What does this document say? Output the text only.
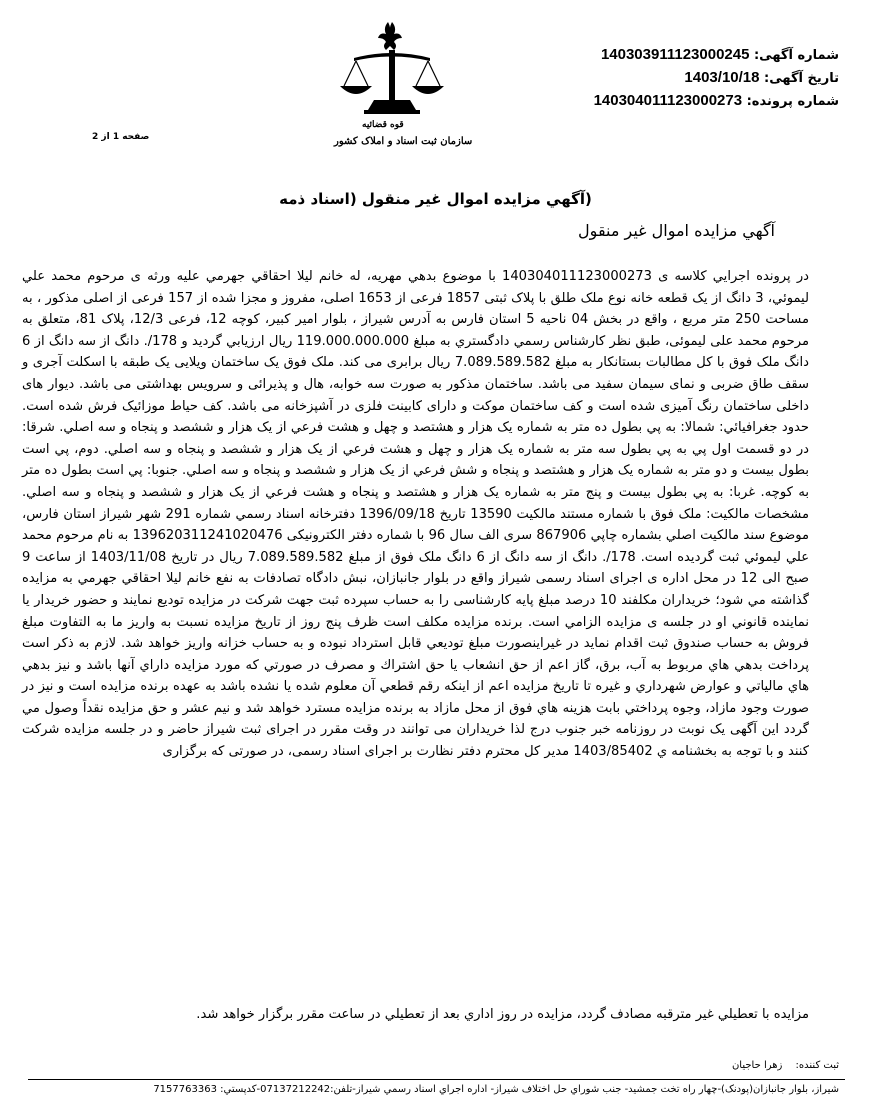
شماره آگهی: 140303911123000245
تاریخ آگهی: 1403/10/18
شماره پرونده: 140304011123000273
قوه قضائیه
سازمان ثبت اسناد و املاک کشور
صفحه 1 از 2
(آگهي مزايده اموال غير منقول (اسناد ذمه
آگهي مزايده اموال غير منقول
در پرونده اجرايي كلاسه ی 140304011123000273 با موضوع بدهي مهريه، له خانم ليلا احقاقي جهرمي عليه ورثه ی مرحوم محمد علي ليموئي، 3 دانگ از یک قطعه خانه نوع ملک طلق با پلاک ثبتی 1857 فرعی از 1653 اصلی، مفروز و مجزا شده از 157 فرعی از اصلی مذکور ، به مساحت 250 متر مربع ، واقع در بخش 04 ناحیه 5 استان فارس به آدرس شیراز ، بلوار امیر کبیر، کوچه 12، فرعی 12/3، پلاک 81، متعلق به مرحوم محمد علی لیموئی، طبق نظر كارشناس رسمي دادگستري به مبلغ 119.000.000.000 ریال ارزيابي گردید و 178/. دانگ از سه دانگ از 6 دانگ ملک فوق با کل مطالبات بستانکار به مبلغ 7.089.589.582 ریال برابری می کند. ملک فوق یک ساختمان ویلایی یک طبقه با اسکلت آجری و سقف طاق ضربی و نمای سیمان سفید می باشد. ساختمان مذکور به صورت سه خوابه، هال و پذیرائی و سرویس بهداشتی می باشد. دیوار های داخلی ساختمان رنگ آمیزی شده است و کف ساختمان موکت و دارای کابینت فلزی در آشپزخانه می باشد. کف حیاط موزائیک فرش شده است. حدود جغرافيائي: شمالا: به پي بطول ده متر به شماره یک هزار و هشتصد و چهل و هشت فرعي از یک هزار و ششصد و پنجاه و سه اصلي. شرقا: در دو قسمت اول پي به پي بطول سه متر به شماره یک هزار و چهل و هشت فرعي از یک هزار و ششصد و پنجاه و سه اصلي. دوم، پي است بطول بيست و دو متر به شماره یک هزار و هشتصد و پنجاه و شش فرعي از یک هزار و ششصد و پنجاه و سه اصلي. جنوبا: پي است بطول ده متر به کوچه. غربا: به پي بطول بيست و پنج متر به شماره یک هزار و هشتصد و پنجاه و هشت فرعي از یک هزار و ششصد و پنجاه و سه اصلي. مشخصات مالكيت: ملک فوق با شماره مستند مالکیت 13590 تاریخ 1396/09/18 دفترخانه اسناد رسمي شماره 291 شهر شیراز استان فارس، موضوع سند مالكيت اصلي بشماره چاپي 867906 سری الف سال 96 با شماره دفتر الکترونیکی 139620311241020476 به نام مرحوم محمد علي ليموئي ثبت گرديده است. 178/. دانگ از سه دانگ از 6 دانگ ملک فوق از مبلغ 7.089.589.582 ریال در تاريخ 1403/11/08 از ساعت 9 صبح الی 12 در محل اداره ی اجرای اسناد رسمی شیراز واقع در بلوار جانبازان، نبش دادگاه تصادفات به نفع خانم ليلا احقاقي جهرمي به مزايده گذاشته مي شود؛ خريداران مكلفند 10 درصد مبلغ پايه کارشناسی را به حساب سپرده ثبت جهت شرکت در مزایده توديع نمايند و حضور خريدار يا نماينده قانوني او در جلسه ی مزايده الزامي است. برنده مزايده مكلف است ظرف پنج روز از تاريخ مزايده نسبت به واريز ما به التفاوت مبلغ فروش به حساب صندوق ثبت اقدام نمايد در غيراينصورت مبلغ توديعي قابل استرداد نبوده و به حساب خزانه واريز خواهد شد. لازم به ذكر است پرداخت بدهي هاي مربوط به آب، برق، گاز اعم از حق انشعاب يا حق اشتراك و مصرف در صورتي كه مورد مزايده داراي آنها باشد و نيز بدهي هاي مالياتي و عوارض شهرداري و غيره تا تاريخ مزايده اعم از اينكه رقم قطعي آن معلوم شده يا نشده باشد به عهده برنده مزايده است و نيز در صورت وجود مازاد، وجوه پرداختي بابت هزينه هاي فوق از محل مازاد به برنده مزايده مسترد خواهد شد و نيم عشر و حق مزايده نقداً وصول مي گردد اين آگهی یک نوبت در روزنامه خبر جنوب درج لذا خریداران می توانند در وقت مقرر در اجرای ثبت شیراز حاضر و در جلسه مزایده شرکت کنند و با توجه به بخشنامه ي 1403/85402 مدير كل محترم دفتر نظارت بر اجرای اسناد رسمی، در صورتی که برگزاری
مزایده با تعطیلي غیر مترقبه مصادف گردد، مزایده در روز اداري بعد از تعطیلي در ساعت مقرر برگزار خواهد شد.
ثبت کننده: زهرا حاجیان
شیراز، بلوار جانبازان(پودنک)-چهار راه تخت جمشید- جنب شوراي حل اختلاف شیراز- اداره اجراي اسناد رسمي شیراز-تلفن:07137212242-کدپستي: 7157763363
